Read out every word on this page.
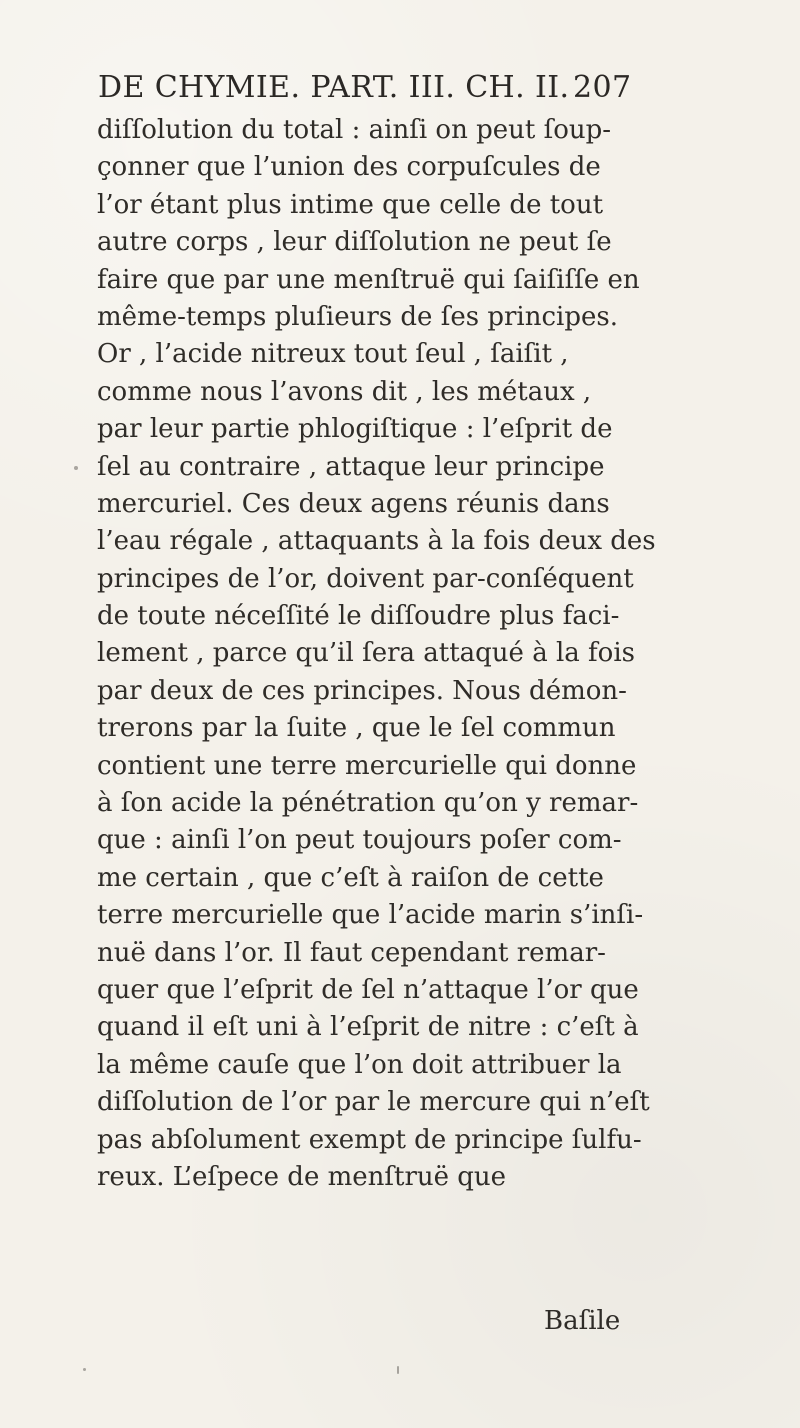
DE CHYMIE. PART. III. CH. II. 207
diſſolution du total : ainſi on peut ſoup-
çonner que l’union des corpuſcules de
l’or étant plus intime que celle de tout
autre corps , leur diſſolution ne peut ſe
faire que par une menſtruë qui ſaiſiſſe en
même-temps pluſieurs de ſes principes.
Or , l’acide nitreux tout ſeul , ſaiſit ,
comme nous l’avons dit , les métaux ,
par leur partie phlogiſtique : l’eſprit de
ſel au contraire , attaque leur principe
mercuriel. Ces deux agens réunis dans
l’eau régale , attaquants à la fois deux des
principes de l’or, doivent par-conſéquent
de toute néceſſité le diſſoudre plus faci-
lement , parce qu’il ſera attaqué à la fois
par deux de ces principes. Nous démon-
trerons par la ſuite , que le ſel commun
contient une terre mercurielle qui donne
à ſon acide la pénétration qu’on y remar-
que : ainſi l’on peut toujours poſer com-
me certain , que c’eſt à raiſon de cette
terre mercurielle que l’acide marin s’inſi-
nuë dans l’or. Il faut cependant remar-
quer que l’eſprit de ſel n’attaque l’or que
quand il eſt uni à l’eſprit de nitre : c’eſt à
la même cauſe que l’on doit attribuer la
diſſolution de l’or par le mercure qui n’eſt
pas abſolument exempt de principe ſulfu-
reux. L’eſpece de menſtruë que
Baſile
